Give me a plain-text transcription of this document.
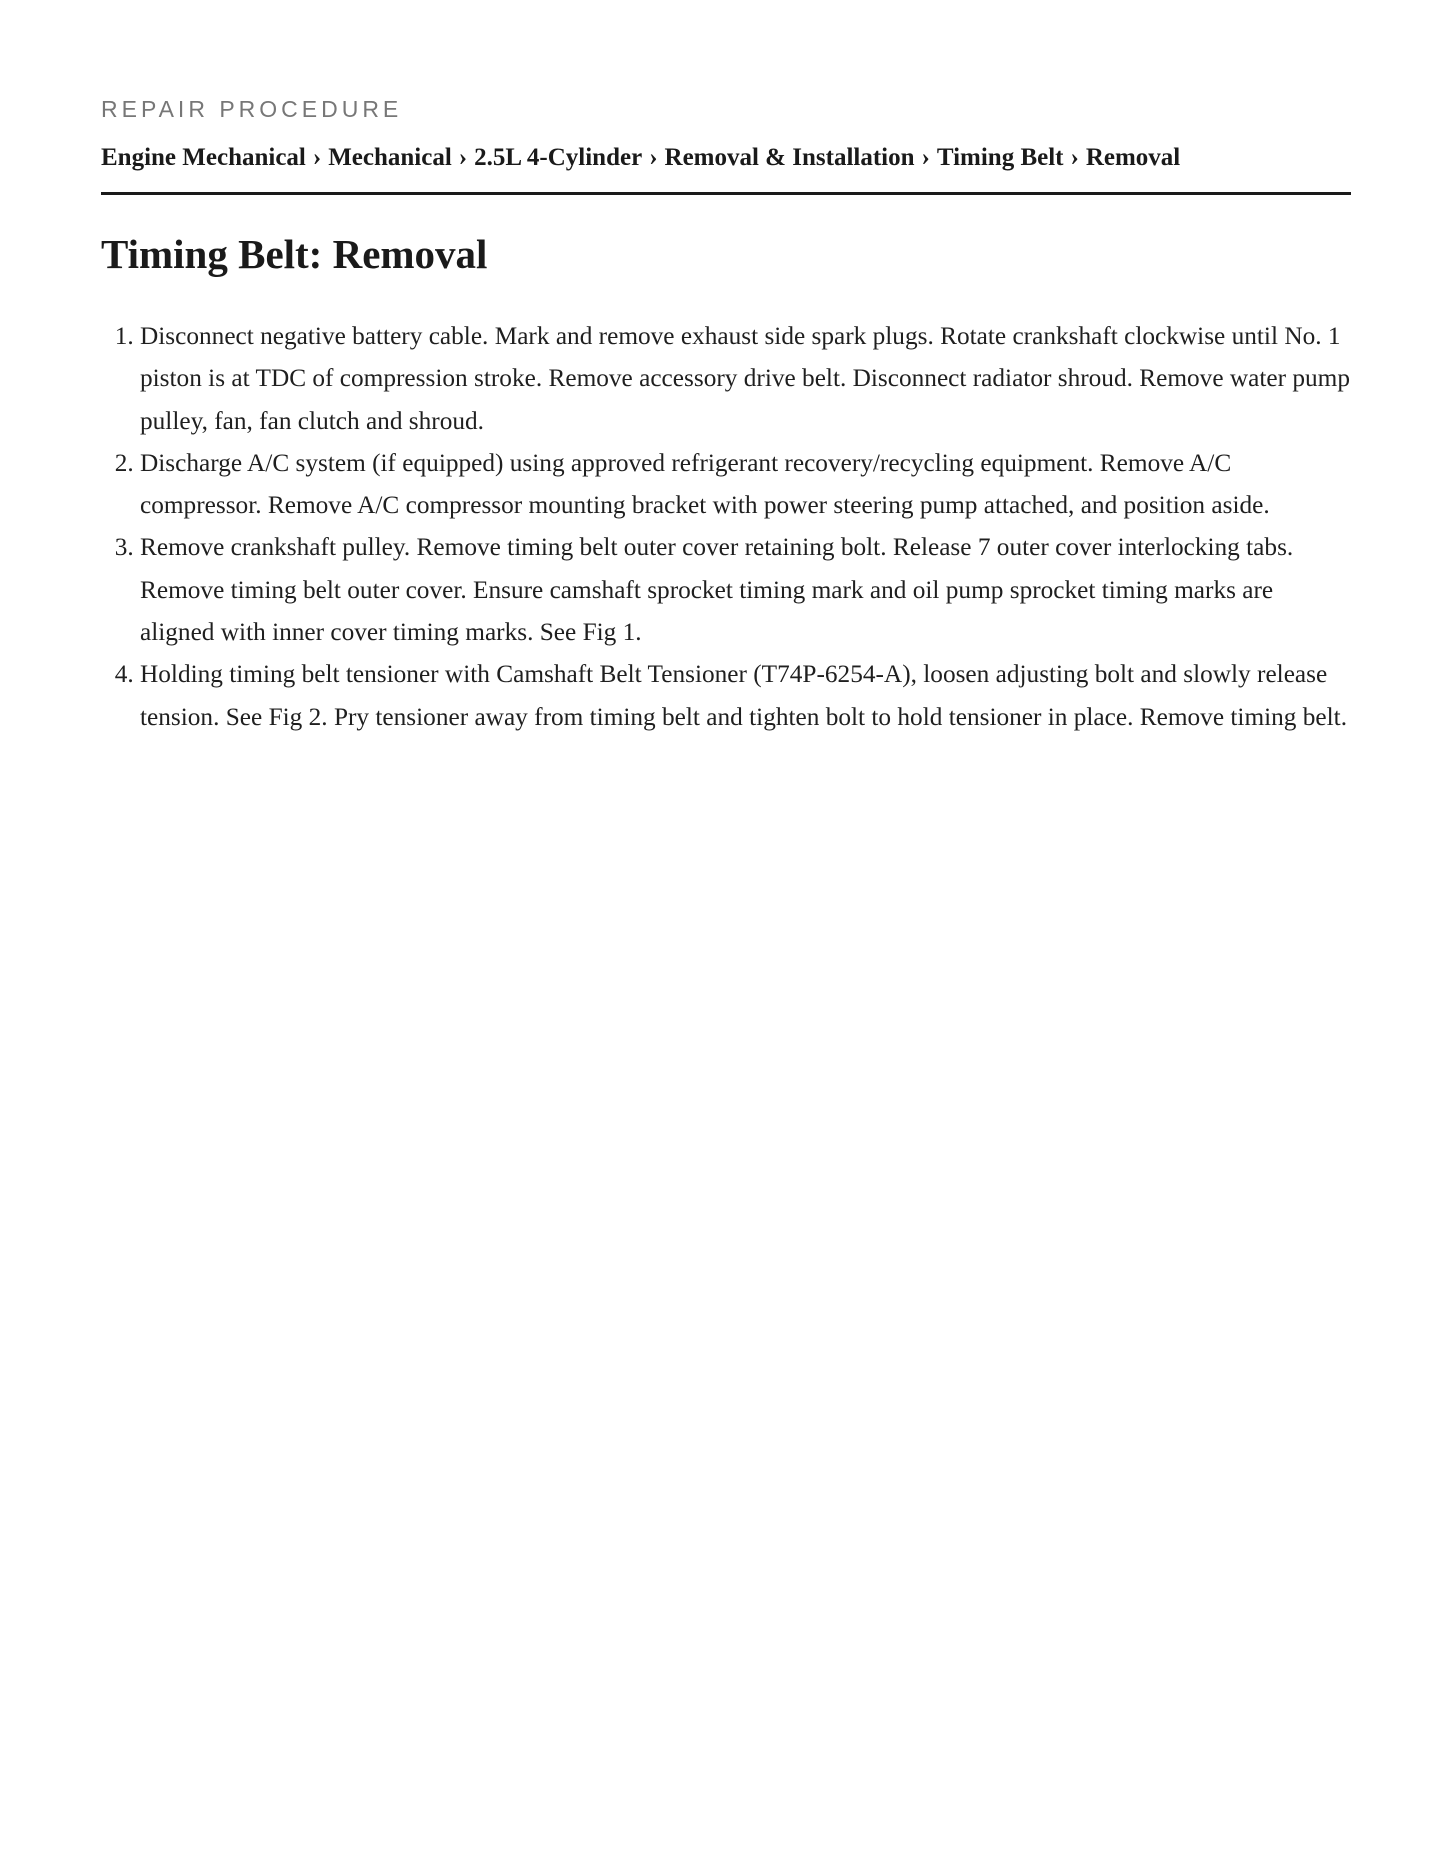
REPAIR PROCEDURE
Engine Mechanical › Mechanical › 2.5L 4-Cylinder › Removal & Installation › Timing Belt › Removal
Timing Belt: Removal
1. Disconnect negative battery cable. Mark and remove exhaust side spark plugs. Rotate crankshaft clockwise until No. 1 piston is at TDC of compression stroke. Remove accessory drive belt. Disconnect radiator shroud. Remove water pump pulley, fan, fan clutch and shroud.
2. Discharge A/C system (if equipped) using approved refrigerant recovery/recycling equipment. Remove A/C compressor. Remove A/C compressor mounting bracket with power steering pump attached, and position aside.
3. Remove crankshaft pulley. Remove timing belt outer cover retaining bolt. Release 7 outer cover interlocking tabs. Remove timing belt outer cover. Ensure camshaft sprocket timing mark and oil pump sprocket timing marks are aligned with inner cover timing marks. See Fig 1.
4. Holding timing belt tensioner with Camshaft Belt Tensioner (T74P-6254-A), loosen adjusting bolt and slowly release tension. See Fig 2. Pry tensioner away from timing belt and tighten bolt to hold tensioner in place. Remove timing belt.
